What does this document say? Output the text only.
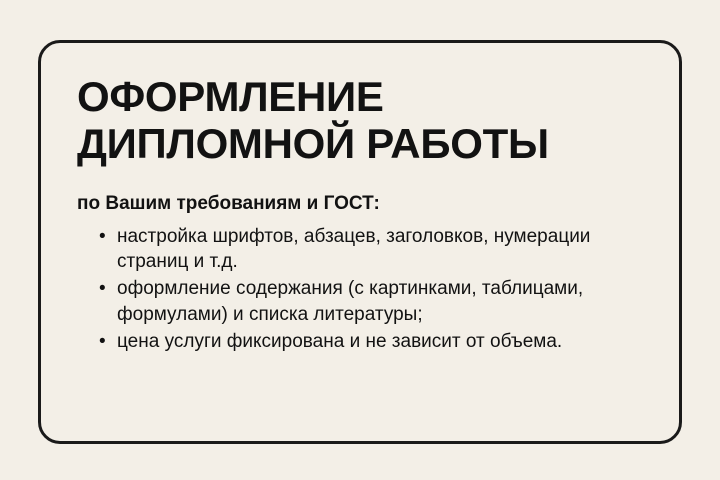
ОФОРМЛЕНИЕ
ДИПЛОМНОЙ РАБОТЫ
по Вашим требованиям и ГОСТ:
• настройка шрифтов, абзацев, заголовков, нумерации страниц и т.д.
• оформление содержания (с картинками, таблицами, формулами) и списка литературы;
• цена услуги фиксирована и не зависит от объема.
